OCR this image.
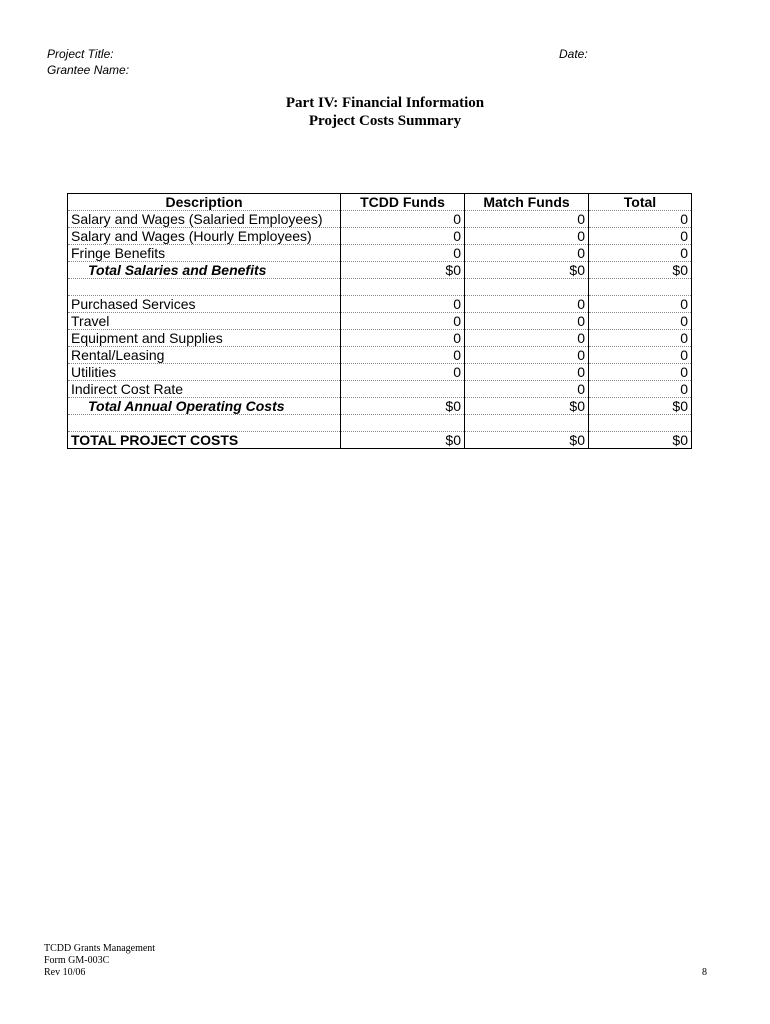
Project Title:
Grantee Name:
Date:
Part IV: Financial Information
Project Costs Summary
Description	TCDD Funds	Match Funds	Total
Salary and Wages (Salaried Employees)	0	0	0
Salary and Wages (Hourly Employees)	0	0	0
Fringe Benefits	0	0	0
Total Salaries and Benefits	$0	$0	$0

Purchased Services	0	0	0
Travel	0	0	0
Equipment and Supplies	0	0	0
Rental/Leasing	0	0	0
Utilities	0	0	0
Indirect Cost Rate		0	0
Total Annual Operating Costs	$0	$0	$0

TOTAL PROJECT COSTS	$0	$0	$0
TCDD Grants Management
Form GM-003C
Rev 10/06	8
